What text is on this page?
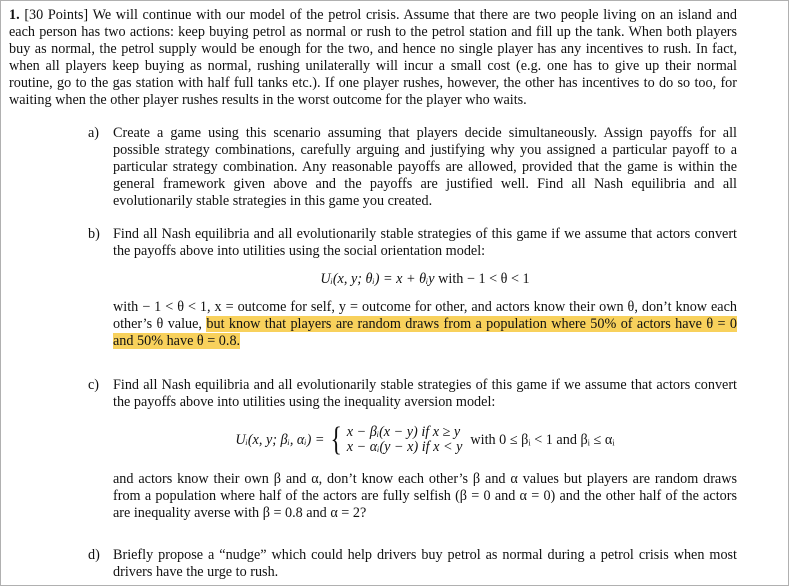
1. [30 Points] We will continue with our model of the petrol crisis. Assume that there are two people living on an island and each person has two actions: keep buying petrol as normal or rush to the petrol station and fill up the tank. When both players buy as normal, the petrol supply would be enough for the two, and hence no single player has any incentives to rush. In fact, when all players keep buying as normal, rushing unilaterally will incur a small cost (e.g. one has to give up their normal routine, go to the gas station with half full tanks etc.). If one player rushes, however, the other has incentives to do so too, for waiting when the other player rushes results in the worst outcome for the player who waits.
a) Create a game using this scenario assuming that players decide simultaneously. Assign payoffs for all possible strategy combinations, carefully arguing and justifying why you assigned a particular payoff to a particular strategy combination. Any reasonable payoffs are allowed, provided that the game is within the general framework given above and the payoffs are justified well. Find all Nash equilibria and all evolutionarily stable strategies in this game you created.
b) Find all Nash equilibria and all evolutionarily stable strategies of this game if we assume that actors convert the payoffs above into utilities using the social orientation model:
Uᵢ(x, y; θᵢ) = x + θᵢy with − 1 < θ < 1
with − 1 < θ < 1, x = outcome for self, y = outcome for other, and actors know their own θ, don’t know each other’s θ value, but know that players are random draws from a population where 50% of actors have θ = 0 and 50% have θ = 0.8.
c) Find all Nash equilibria and all evolutionarily stable strategies of this game if we assume that actors convert the payoffs above into utilities using the inequality aversion model:
Uᵢ(x, y; βᵢ, αᵢ) = { x − βᵢ(x − y) if x ≥ y
x − αᵢ(y − x) if x < y with 0 ≤ βᵢ < 1 and βᵢ ≤ αᵢ
and actors know their own β and α, don’t know each other’s β and α values but players are random draws from a population where half of the actors are fully selfish (β = 0 and α = 0) and the other half of the actors are inequality averse with β = 0.8 and α = 2?
d) Briefly propose a “nudge” which could help drivers buy petrol as normal during a petrol crisis when most drivers have the urge to rush.
